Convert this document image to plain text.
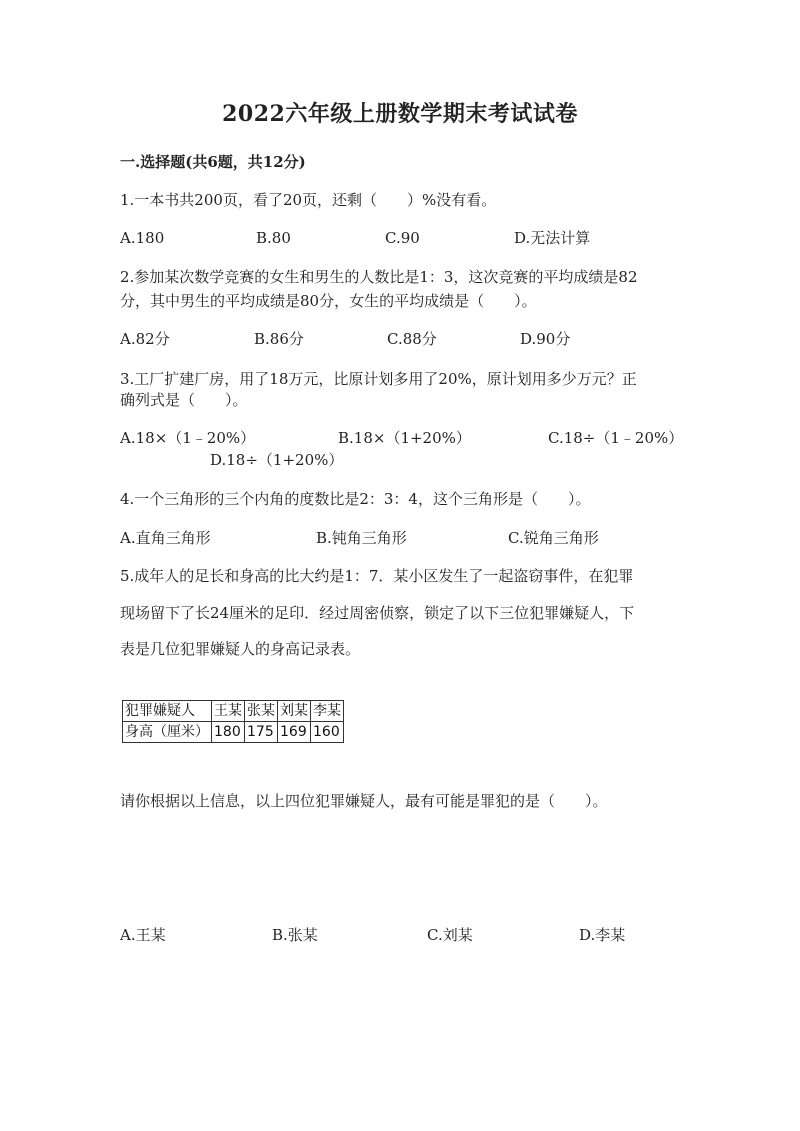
2022六年级上册数学期末考试试卷
一.选择题(共6题，共12分)
1.一本书共200页，看了20页，还剩（　　）%没有看。
A.180	B.80	C.90	D.无法计算
2.参加某次数学竞赛的女生和男生的人数比是1：3，这次竞赛的平均成绩是82
分，其中男生的平均成绩是80分，女生的平均成绩是（　　）。
A.82分	B.86分	C.88分	D.90分
3.工厂扩建厂房，用了18万元，比原计划多用了20%，原计划用多少万元？正
确列式是（　　）。
A.18×（1﹣20%）	B.18×（1+20%）	C.18÷（1﹣20%）
D.18÷（1+20%）
4.一个三角形的三个内角的度数比是2：3：4，这个三角形是（　　）。
A.直角三角形	B.钝角三角形	C.锐角三角形
5.成年人的足长和身高的比大约是1：7．某小区发生了一起盗窃事件，在犯罪
现场留下了长24厘米的足印．经过周密侦察，锁定了以下三位犯罪嫌疑人，下
表是几位犯罪嫌疑人的身高记录表。
犯罪嫌疑人	王某	张某	刘某	李某
身高（厘米）	180	175	169	160
请你根据以上信息，以上四位犯罪嫌疑人，最有可能是罪犯的是（　　）。
A.王某	B.张某	C.刘某	D.李某
